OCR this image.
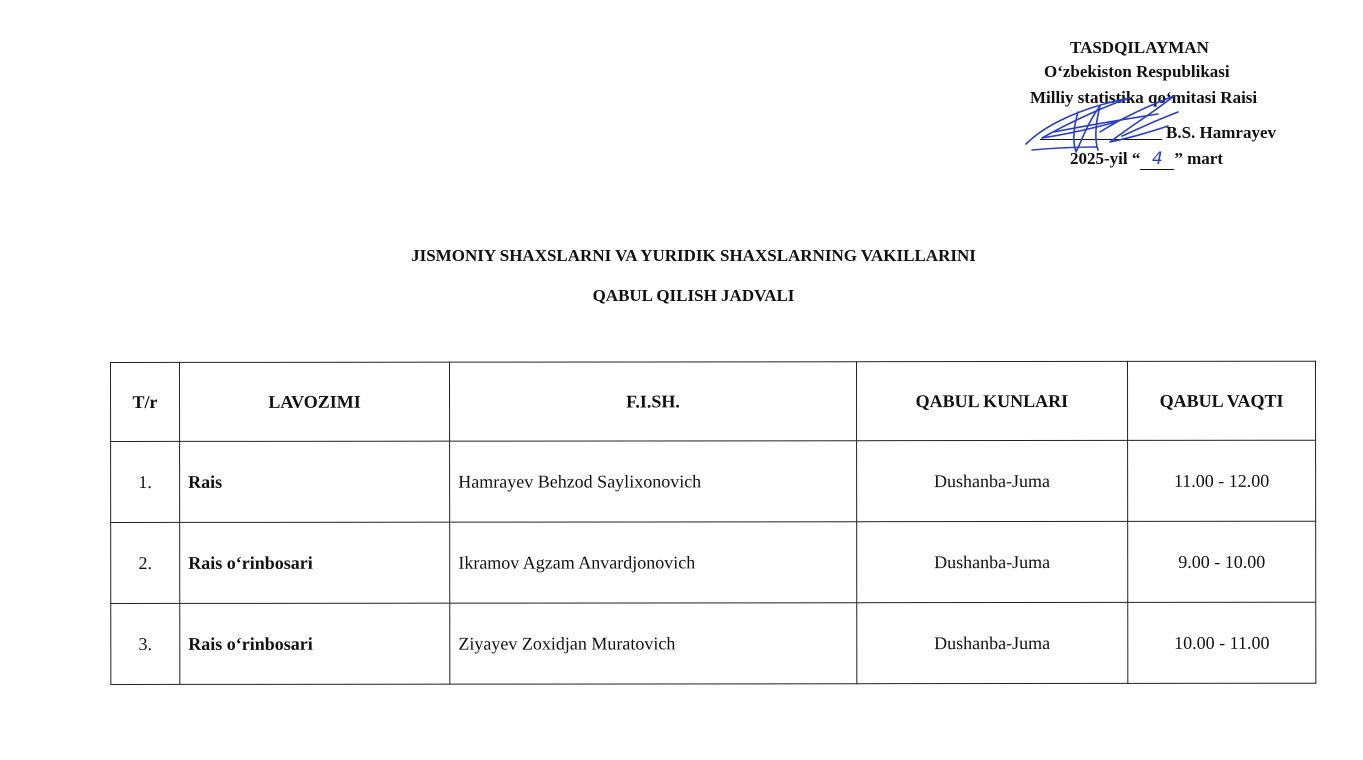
TASDQILAYMAN
O‘zbekiston Respublikasi
Milliy statistika qo‘mitasi Raisi
B.S. Hamrayev
2025-yil “ 4 ” mart
JISMONIY SHAXSLARNI VA YURIDIK SHAXSLARNING VAKILLARINI
QABUL QILISH JADVALI
T/r	LAVOZIMI	F.I.SH.	QABUL KUNLARI	QABUL VAQTI
1.	Rais	Hamrayev Behzod Saylixonovich	Dushanba-Juma	11.00 - 12.00
2.	Rais o‘rinbosari	Ikramov Agzam Anvardjonovich	Dushanba-Juma	9.00 - 10.00
3.	Rais o‘rinbosari	Ziyayev Zoxidjan Muratovich	Dushanba-Juma	10.00 - 11.00
